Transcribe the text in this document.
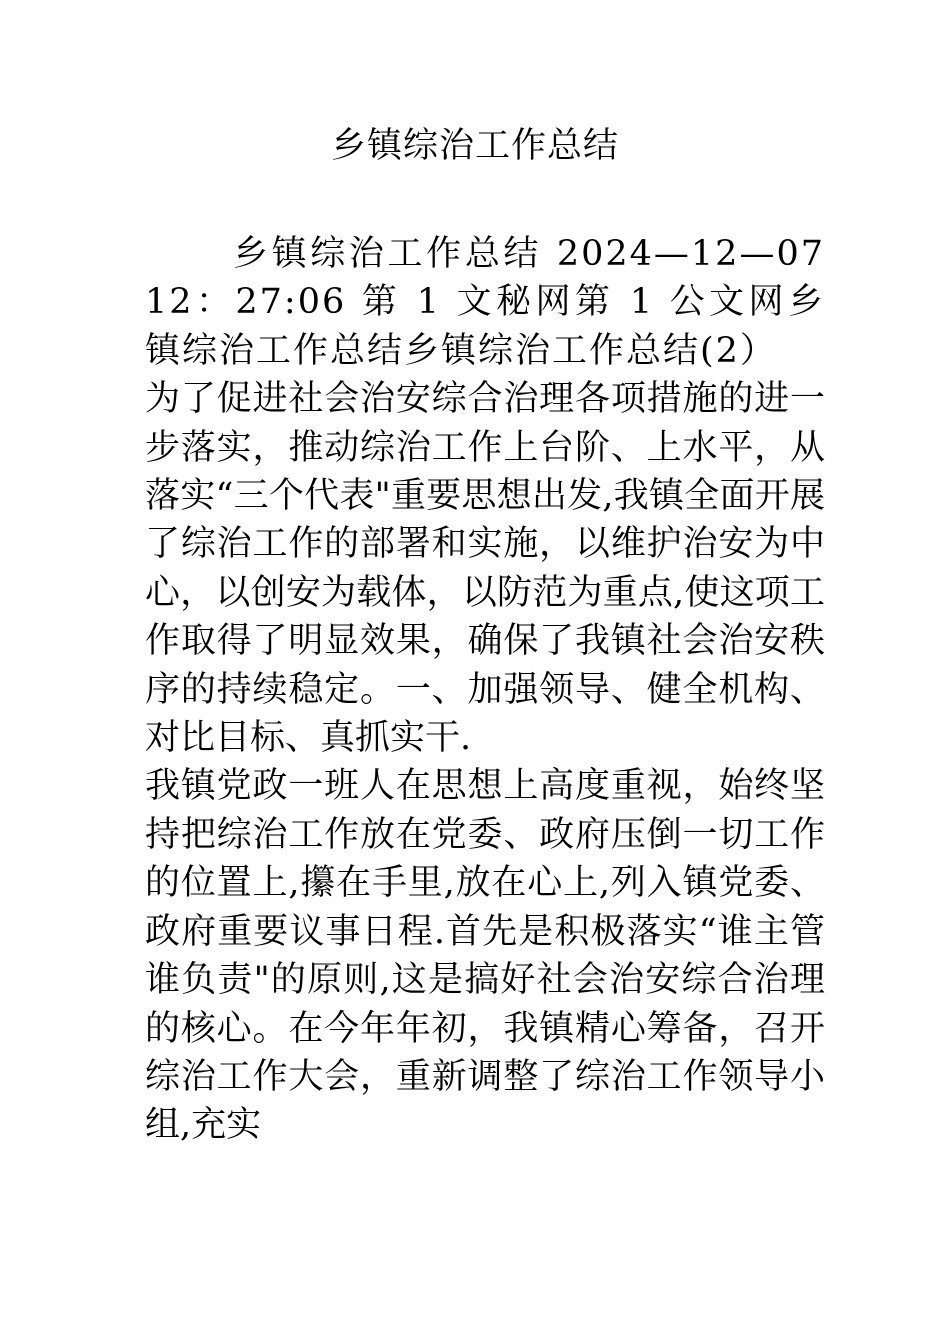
乡镇综治工作总结

乡镇综治工作总结 2024—12—07 12：27:06 第 1 文秘网第 1 公文网乡镇综治工作总结乡镇综治工作总结(2）

为了促进社会治安综合治理各项措施的进一步落实，推动综治工作上台阶、上水平，从落实“三个代表"重要思想出发,我镇全面开展了综治工作的部署和实施，以维护治安为中心，以创安为载体，以防范为重点,使这项工作取得了明显效果，确保了我镇社会治安秩序的持续稳定。一、加强领导、健全机构、对比目标、真抓实干.

我镇党政一班人在思想上高度重视，始终坚持把综治工作放在党委、政府压倒一切工作的位置上,攥在手里,放在心上,列入镇党委、政府重要议事日程.首先是积极落实“谁主管谁负责"的原则,这是搞好社会治安综合治理的核心。在今年年初，我镇精心筹备，召开综治工作大会，重新调整了综治工作领导小组,充实
